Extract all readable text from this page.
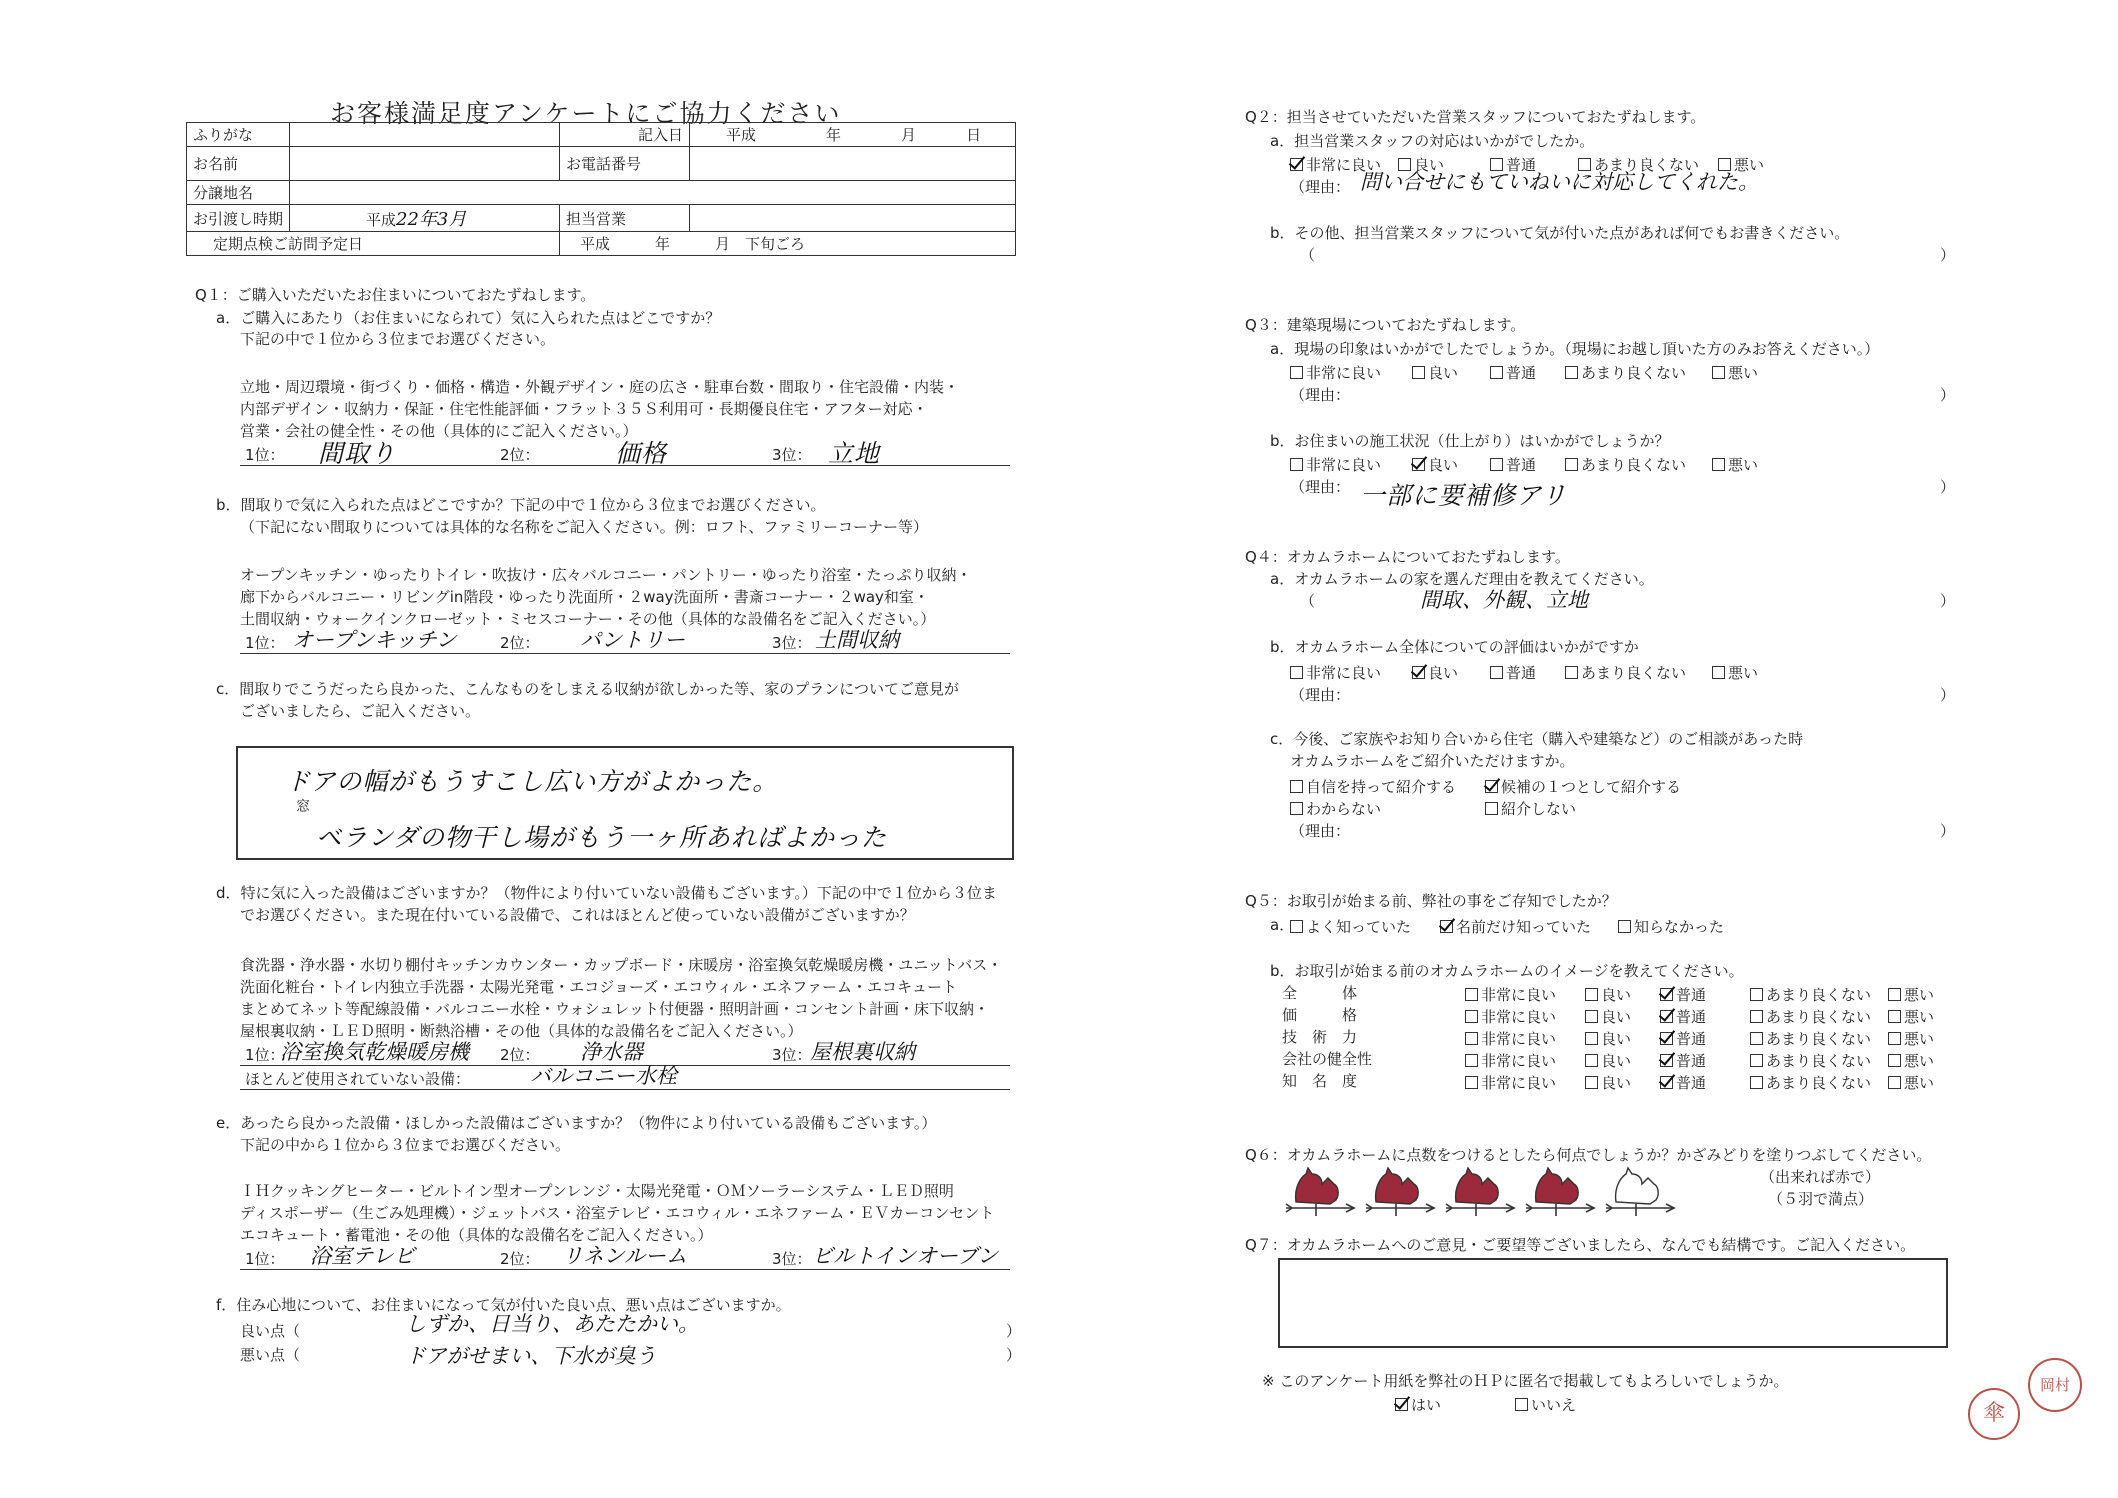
お客様満足度アンケートにご協力ください
ふりがな		記入日	平成 年 月 日
お名前		お電話番号	
分譲地名			
お引渡し時期	平成22年3月	担当営業	
定期点検ご訪問予定日		平成　　　年　　　月　下旬ごろ	
Q１：ご購入いただいたお住まいについておたずねします。
a．ご購入にあたり（お住まいになられて）気に入られた点はどこですか？
下記の中で１位から３位までお選びください。
立地・周辺環境・街づくり・価格・構造・外観デザイン・庭の広さ・駐車台数・間取り・住宅設備・内装・
内部デザイン・収納力・保証・住宅性能評価・フラット３５Ｓ利用可・長期優良住宅・アフター対応・
営業・会社の健全性・その他（具体的にご記入ください。）
1位：	2位：	3位：
間取り	価格	立地
b．間取りで気に入られた点はどこですか？下記の中で１位から３位までお選びください。
（下記にない間取りについては具体的な名称をご記入ください。例：ロフト、ファミリーコーナー等）
オープンキッチン・ゆったりトイレ・吹抜け・広々バルコニー・パントリー・ゆったり浴室・たっぷり収納・
廊下からバルコニー・リビングin階段・ゆったり洗面所・２way洗面所・書斎コーナー・２way和室・
土間収納・ウォークインクローゼット・ミセスコーナー・その他（具体的な設備名をご記入ください。）
1位：	2位：	3位：
オープンキッチン	パントリー	土間収納
c．間取りでこうだったら良かった、こんなものをしまえる収納が欲しかった等、家のプランについてご意見が
ございましたら、ご記入ください。
ドアの幅がもうすこし広い方がよかった。
窓
ベランダの物干し場がもう一ヶ所あればよかった
d．特に気に入った設備はございますか？（物件により付いていない設備もございます。）下記の中で１位から３位ま
でお選びください。また現在付いている設備で、これはほとんど使っていない設備がございますか？
食洗器・浄水器・水切り棚付キッチンカウンター・カップボード・床暖房・浴室換気乾燥暖房機・ユニットバス・
洗面化粧台・トイレ内独立手洗器・太陽光発電・エコジョーズ・エコウィル・エネファーム・エコキュート
まとめてネット等配線設備・バルコニー水栓・ウォシュレット付便器・照明計画・コンセント計画・床下収納・
屋根裏収納・ＬＥＤ照明・断熱浴槽・その他（具体的な設備名をご記入ください。）
1位：	2位：	3位：
浴室換気乾燥暖房機	浄水器	屋根裏収納
ほとんど使用されていない設備：	バルコニー水栓
e．あったら良かった設備・ほしかった設備はございますか？（物件により付いている設備もございます。）
下記の中から１位から３位までお選びください。
ＩＨクッキングヒーター・ビルトイン型オープンレンジ・太陽光発電・ＯＭソーラーシステム・ＬＥＤ照明
ディスポーザー（生ごみ処理機）・ジェットバス・浴室テレビ・エコウィル・エネファーム・ＥＶカーコンセント
エコキュート・蓄電池・その他（具体的な設備名をご記入ください。）
1位：	2位：	3位：
浴室テレビ	リネンルーム	ビルトインオーブン
f．住み心地について、お住まいになって気が付いた良い点、悪い点はございますか。
良い点（	）
しずか、日当り、あたたかい。
悪い点（	）
ドアがせまい、下水が臭う
Q２：担当させていただいた営業スタッフについておたずねします。
a．担当営業スタッフの対応はいかがでしたか。
非常に良い	良い	普通	あまり良くない	悪い
（理由： 問い合せにもていねいに対応してくれた。
b．その他、担当営業スタッフについて気が付いた点があれば何でもお書きください。
（	）
Q３：建築現場についておたずねします。
a．現場の印象はいかがでしたでしょうか。（現場にお越し頂いた方のみお答えください。）
非常に良い	良い	普通	あまり良くない	悪い
（理由：	）
b．お住まいの施工状況（仕上がり）はいかがでしょうか？
非常に良い	良い	普通	あまり良くない	悪い
（理由： 一部に要補修アリ	）
Q４：オカムラホームについておたずねします。
a．オカムラホームの家を選んだ理由を教えてください。
（	間取、外観、立地	）
b．オカムラホーム全体についての評価はいかがですか
非常に良い	良い	普通	あまり良くない	悪い
（理由：	）
c．今後、ご家族やお知り合いから住宅（購入や建築など）のご相談があった時
オカムラホームをご紹介いただけますか。
自信を持って紹介する	候補の１つとして紹介する
わからない	紹介しない
（理由：	）
Q５：お取引が始まる前、弊社の事をご存知でしたか？
a． よく知っていた	名前だけ知っていた	知らなかった
b．お取引が始まる前のオカムラホームのイメージを教えてください。
全　　　体	非常に良い	良い	普通	あまり良くない	悪い
価　　　格	非常に良い	良い	普通	あまり良くない	悪い
技　術　力	非常に良い	良い	普通	あまり良くない	悪い
会社の健全性	非常に良い	良い	普通	あまり良くない	悪い
知　名　度	非常に良い	良い	普通	あまり良くない	悪い
Q６：オカムラホームに点数をつけるとしたら何点でしょうか？かざみどりを塗りつぶしてください。
（出来れば赤で）
（５羽で満点）
Q７：オカムラホームへのご意見・ご要望等ございましたら、なんでも結構です。ご記入ください。
※ このアンケート用紙を弊社のＨＰに匿名で掲載してもよろしいでしょうか。
はい	いいえ	傘
岡村
